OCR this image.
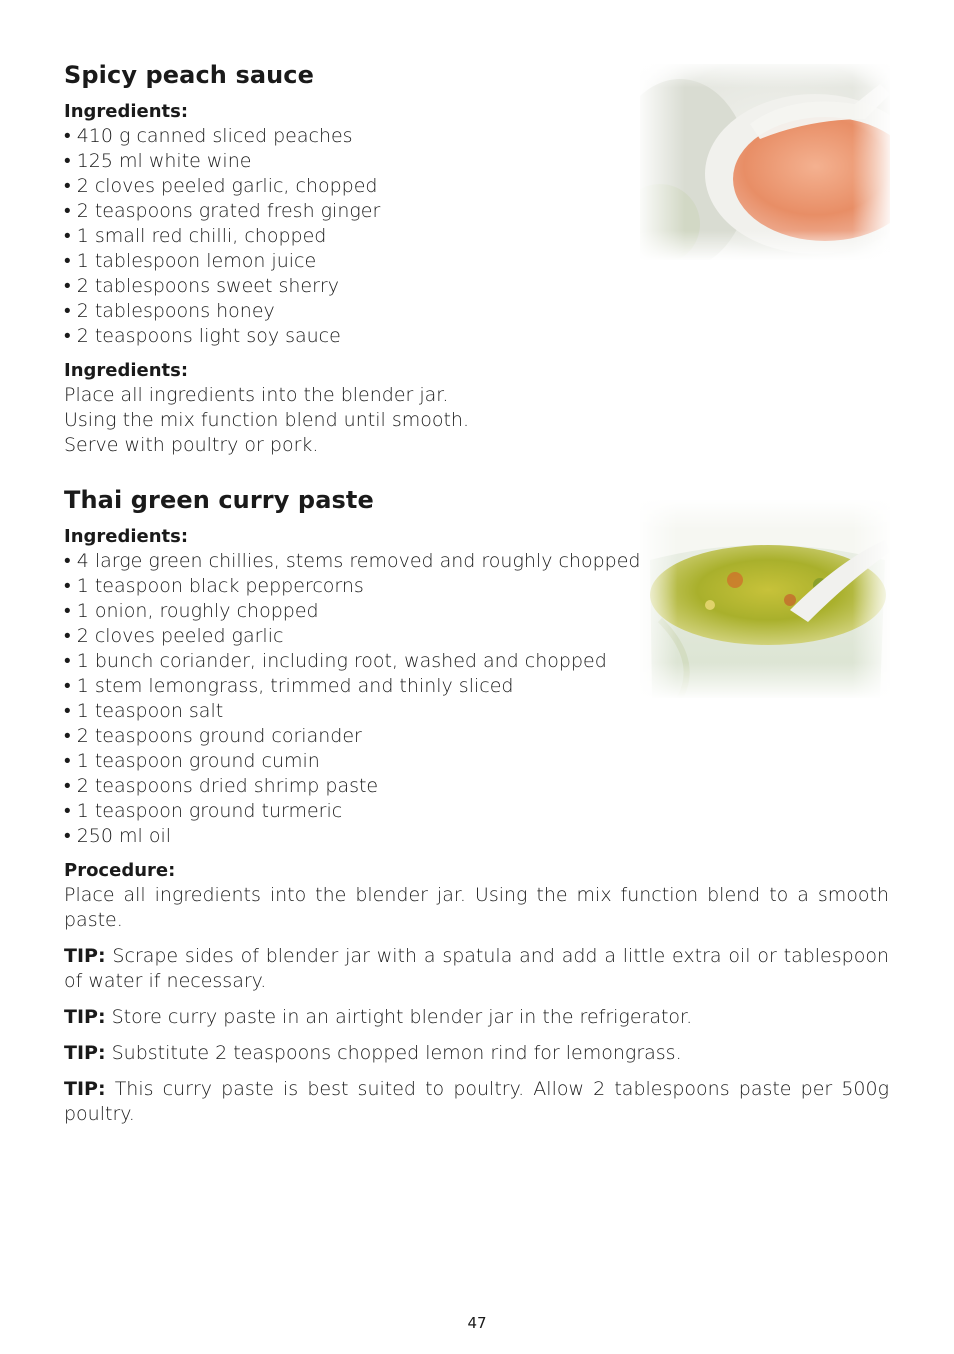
Spicy peach sauce

Ingredients:

• 410 g canned sliced peaches
• 125 ml white wine
• 2 cloves peeled garlic, chopped
• 2 teaspoons grated fresh ginger
• 1 small red chilli, chopped
• 1 tablespoon lemon juice
• 2 tablespoons sweet sherry
• 2 tablespoons honey
• 2 teaspoons light soy sauce

Ingredients:

Place all ingredients into the blender jar.

Using the mix function blend until smooth.

Serve with poultry or pork.

Thai green curry paste

Ingredients:

• 4 large green chillies, stems removed and roughly chopped
• 1 teaspoon black peppercorns
• 1 onion, roughly chopped
• 2 cloves peeled garlic
• 1 bunch coriander, including root, washed and chopped
• 1 stem lemongrass, trimmed and thinly sliced
• 1 teaspoon salt
• 2 teaspoons ground coriander
• 1 teaspoon ground cumin
• 2 teaspoons dried shrimp paste
• 1 teaspoon ground turmeric
• 250 ml oil

Procedure:

Place all ingredients into the blender jar. Using the mix function blend to a smooth paste.

TIP: Scrape sides of blender jar with a spatula and add a little extra oil or tablespoon of water if necessary.

TIP: Store curry paste in an airtight blender jar in the refrigerator.

TIP: Substitute 2 teaspoons chopped lemon rind for lemongrass.

TIP: This curry paste is best suited to poultry. Allow 2 tablespoons paste per 500g poultry.

47
